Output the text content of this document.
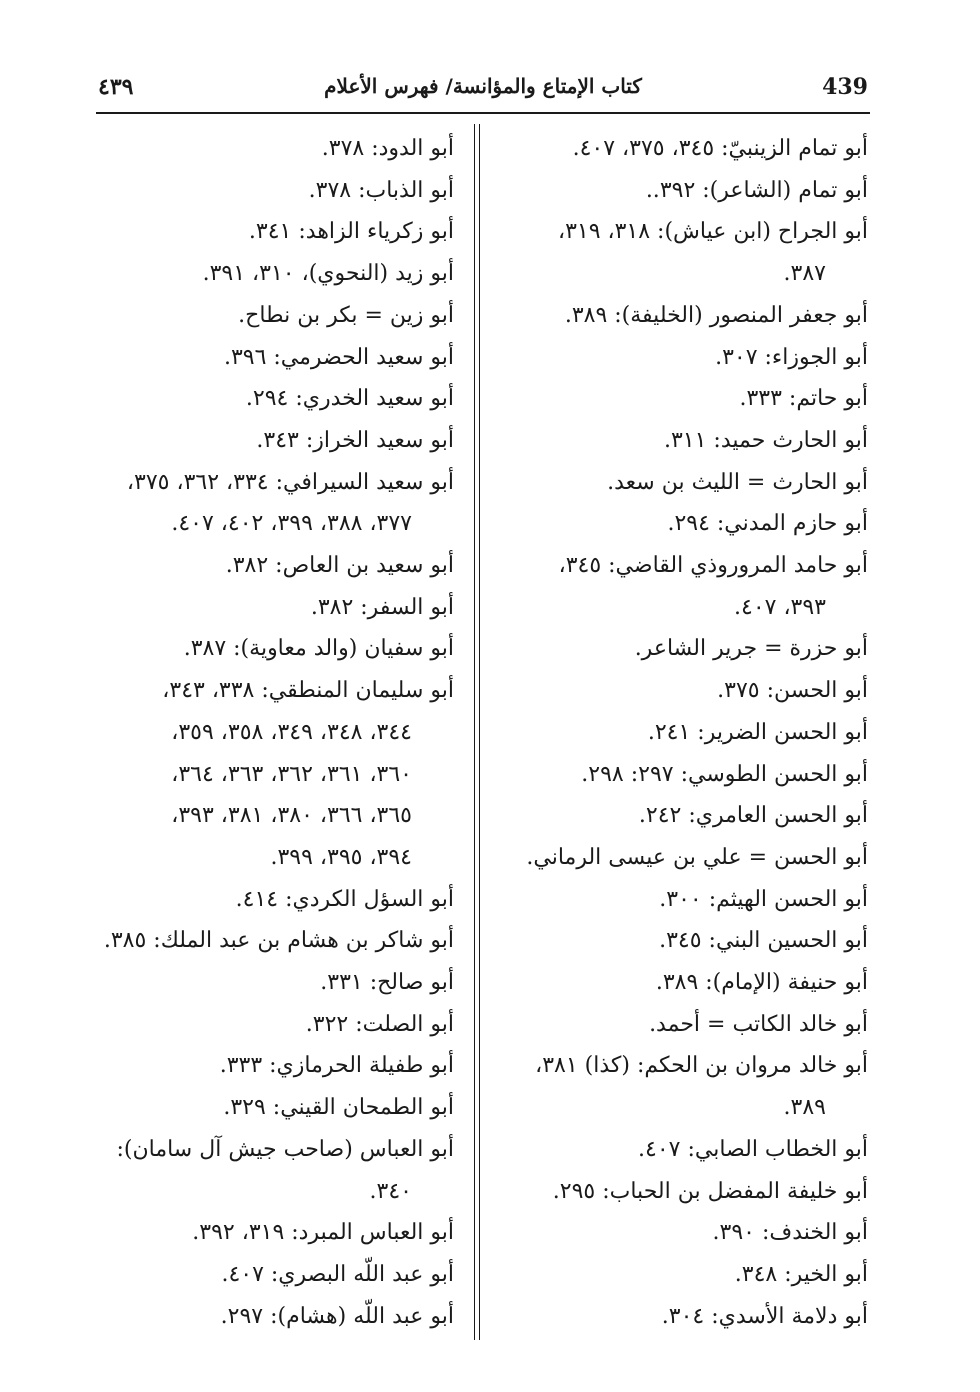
439
كتاب الإمتاع والمؤانسة/ فهرس الأعلام
٤٣٩

أبو تمام الزينبيّ: ٣٤٥، ٣٧٥، ٤٠٧.

أبو تمام (الشاعر): ٣٩٢..

أبو الجراح (ابن عياش): ٣١٨، ٣١٩،

٣٨٧.

أبو جعفر المنصور (الخليفة): ٣٨٩.

أبو الجوزاء: ٣٠٧.

أبو حاتم: ٣٣٣.

أبو الحارث حميد: ٣١١.

أبو الحارث = الليث بن سعد.

أبو حازم المدني: ٢٩٤.

أبو حامد المروروذي القاضي: ٣٤٥،

٣٩٣، ٤٠٧.

أبو حزرة = جرير الشاعر.

أبو الحسن: ٣٧٥.

أبو الحسن الضرير: ٢٤١.

أبو الحسن الطوسي: ٢٩٧: ٢٩٨.

أبو الحسن العامري: ٢٤٢.

أبو الحسن = علي بن عيسى الرماني.

أبو الحسن الهيثم: ٣٠٠.

أبو الحسين البني: ٣٤٥.

أبو حنيفة (الإمام): ٣٨٩.

أبو خالد الكاتب = أحمد.

أبو خالد مروان بن الحكم: (كذا) ٣٨١،

٣٨٩.

أبو الخطاب الصابي: ٤٠٧.

أبو خليفة المفضل بن الحباب: ٢٩٥.

أبو الخندف: ٣٩٠.

أبو الخير: ٣٤٨.

أبو دلامة الأسدي: ٣٠٤.

أبو الدود: ٣٧٨.

أبو الذباب: ٣٧٨.

أبو زكرياء الزاهد: ٣٤١.

أبو زيد (النحوي)، ٣١٠، ٣٩١.

أبو زين = بكر بن نطاح.

أبو سعيد الحضرمي: ٣٩٦.

أبو سعيد الخدري: ٢٩٤.

أبو سعيد الخراز: ٣٤٣.

أبو سعيد السيرافي: ٣٣٤، ٣٦٢، ٣٧٥،

٣٧٧، ٣٨٨، ٣٩٩، ٤٠٢، ٤٠٧.

أبو سعيد بن العاص: ٣٨٢.

أبو السفر: ٣٨٢.

أبو سفيان (والد معاوية): ٣٨٧.

أبو سليمان المنطقي: ٣٣٨، ٣٤٣،

٣٤٤، ٣٤٨، ٣٤٩، ٣٥٨، ٣٥٩،

٣٦٠، ٣٦١، ٣٦٢، ٣٦٣، ٣٦٤،

٣٦٥، ٣٦٦، ٣٨٠، ٣٨١، ٣٩٣،

٣٩٤، ٣٩٥، ٣٩٩.

أبو السؤل الكردي: ٤١٤.

أبو شاكر بن هشام بن عبد الملك: ٣٨٥.

أبو صالح: ٣٣١.

أبو الصلت: ٣٢٢.

أبو طفيلة الحرمازي: ٣٣٣.

أبو الطمحان القيني: ٣٢٩.

أبو العباس (صاحب جيش آل سامان):

٣٤٠.

أبو العباس المبرد: ٣١٩، ٣٩٢.

أبو عبد اللّه البصري: ٤٠٧.

أبو عبد اللّه (هشام): ٢٩٧.
